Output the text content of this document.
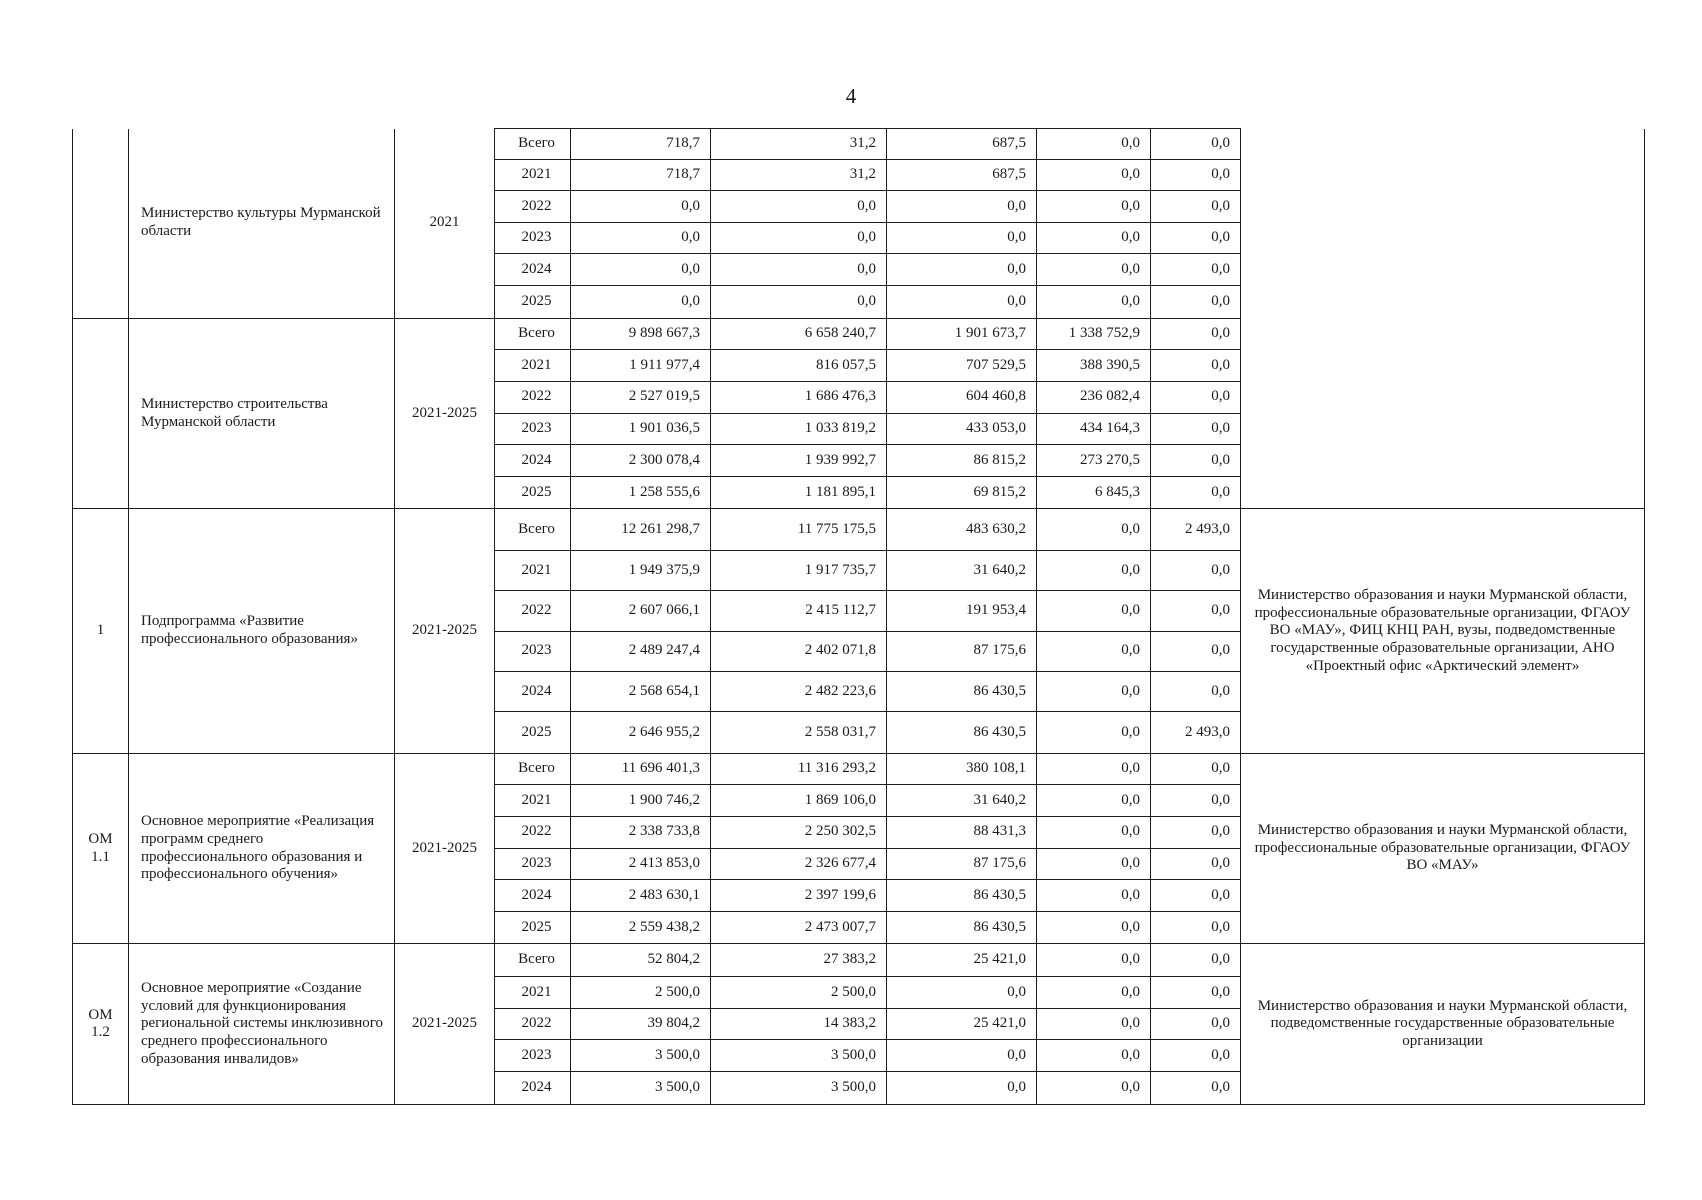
4
	Министерство культуры Мурманской области	2021	Всего	718,7	31,2	687,5	0,0	0,0	
			2021	718,7	31,2	687,5	0,0	0,0	
			2022	0,0	0,0	0,0	0,0	0,0	
			2023	0,0	0,0	0,0	0,0	0,0	
			2024	0,0	0,0	0,0	0,0	0,0	
			2025	0,0	0,0	0,0	0,0	0,0	
	Министерство строительства Мурманской области	2021-2025	Всего	9 898 667,3	6 658 240,7	1 901 673,7	1 338 752,9	0,0	
			2021	1 911 977,4	816 057,5	707 529,5	388 390,5	0,0	
			2022	2 527 019,5	1 686 476,3	604 460,8	236 082,4	0,0	
			2023	1 901 036,5	1 033 819,2	433 053,0	434 164,3	0,0	
			2024	2 300 078,4	1 939 992,7	86 815,2	273 270,5	0,0	
			2025	1 258 555,6	1 181 895,1	69 815,2	6 845,3	0,0	
1	Подпрограмма «Развитие профессионального образования»	2021-2025	Всего	12 261 298,7	11 775 175,5	483 630,2	0,0	2 493,0	Министерство образования и науки Мурманской области, профессиональные образовательные организации, ФГАОУ ВО «МАУ», ФИЦ КНЦ РАН, вузы, подведомственные государственные образовательные организации, АНО «Проектный офис «Арктический элемент»
			2021	1 949 375,9	1 917 735,7	31 640,2	0,0	0,0	
			2022	2 607 066,1	2 415 112,7	191 953,4	0,0	0,0	
			2023	2 489 247,4	2 402 071,8	87 175,6	0,0	0,0	
			2024	2 568 654,1	2 482 223,6	86 430,5	0,0	0,0	
			2025	2 646 955,2	2 558 031,7	86 430,5	0,0	2 493,0	
ОМ 1.1	Основное мероприятие «Реализация программ среднего профессионального образования и профессионального обучения»	2021-2025	Всего	11 696 401,3	11 316 293,2	380 108,1	0,0	0,0	Министерство образования и науки Мурманской области, профессиональные образовательные организации, ФГАОУ ВО «МАУ»
			2021	1 900 746,2	1 869 106,0	31 640,2	0,0	0,0	
			2022	2 338 733,8	2 250 302,5	88 431,3	0,0	0,0	
			2023	2 413 853,0	2 326 677,4	87 175,6	0,0	0,0	
			2024	2 483 630,1	2 397 199,6	86 430,5	0,0	0,0	
			2025	2 559 438,2	2 473 007,7	86 430,5	0,0	0,0	
ОМ 1.2	Основное мероприятие «Создание условий для функционирования региональной системы инклюзивного среднего профессионального образования инвалидов»	2021-2025	Всего	52 804,2	27 383,2	25 421,0	0,0	0,0	Министерство образования и науки Мурманской области, подведомственные государственные образовательные организации
			2021	2 500,0	2 500,0	0,0	0,0	0,0	
			2022	39 804,2	14 383,2	25 421,0	0,0	0,0	
			2023	3 500,0	3 500,0	0,0	0,0	0,0	
			2024	3 500,0	3 500,0	0,0	0,0	0,0	
